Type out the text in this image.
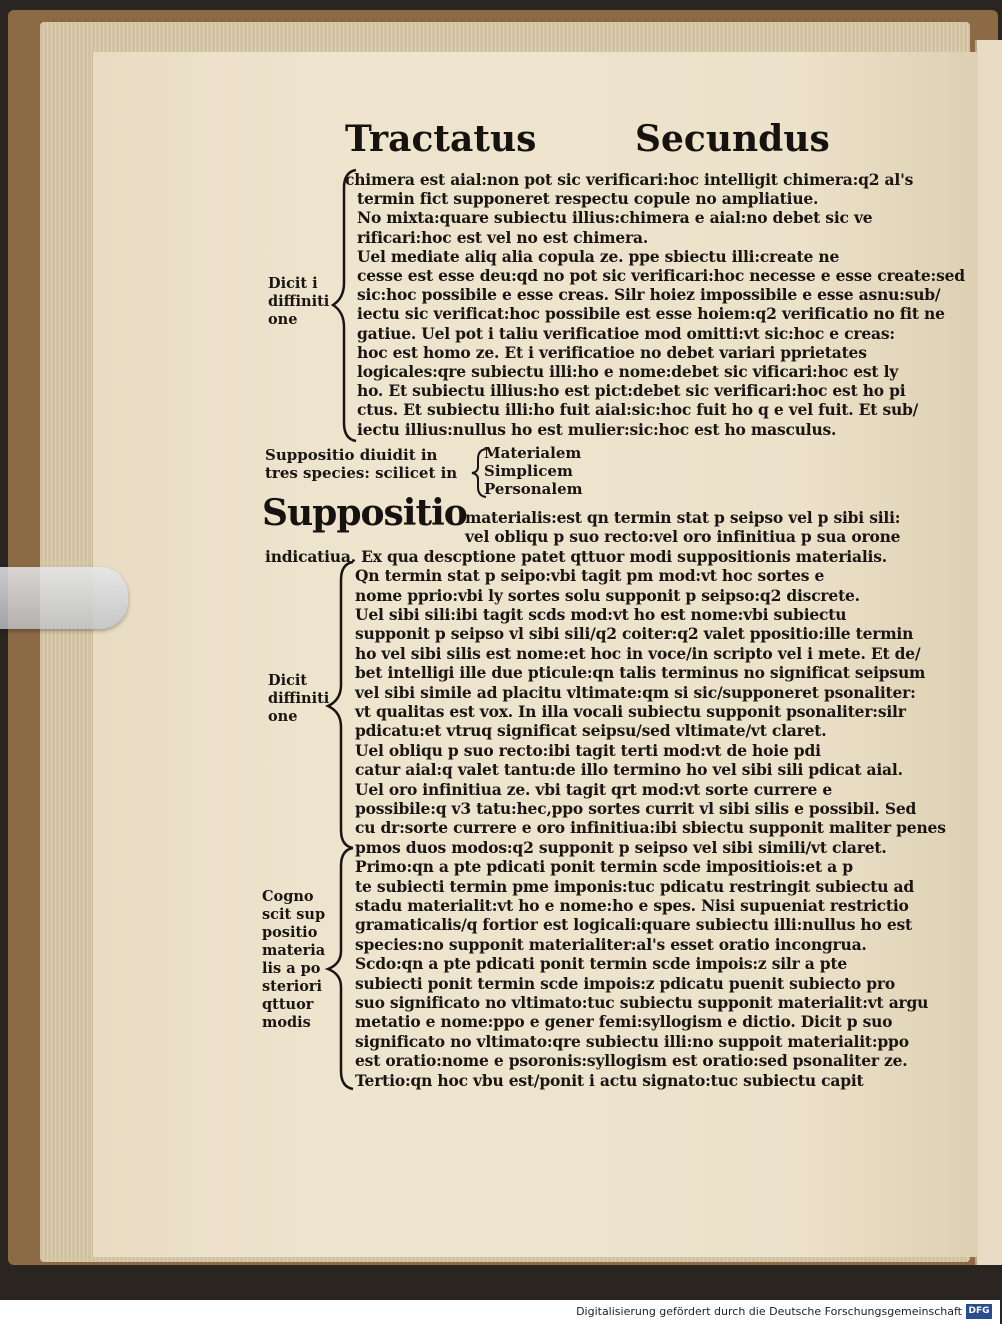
Tractatus	Secundus
Dicit i
diffiniti
one
chimera est aial:non pot sic verificari:hoc intelligit chimera:q2 al's
termin fict supponeret respectu copule no ampliatiue.
No mixta:quare subiectu illius:chimera e aial:no debet sic ve
rificari:hoc est vel no est chimera.
Uel mediate aliq alia copula ze. ppe sbiectu illi:create ne
cesse est esse deu:qd no pot sic verificari:hoc necesse e esse create:sed
sic:hoc possibile e esse creas. Silr hoiez impossibile e esse asnu:sub/
iectu sic verificat:hoc possibile est esse hoiem:q2 verificatio no fit ne
gatiue. Uel pot i taliu verificatioe mod omitti:vt sic:hoc e creas:
hoc est homo ze. Et i verificatioe no debet variari pprietates
logicales:qre subiectu illi:ho e nome:debet sic vificari:hoc est ly
ho. Et subiectu illius:ho est pict:debet sic verificari:hoc est ho pi
ctus. Et subiectu illi:ho fuit aial:sic:hoc fuit ho q e vel fuit. Et sub/
iectu illius:nullus ho est mulier:sic:hoc est ho masculus.
Suppositio diuidit in
tres species: scilicet in
Materialem
Simplicem
Personalem
Suppositio
Dicit
diffiniti
one
Cogno
scit sup
positio
materia
lis a po
steriori
qttuor
modis
materialis:est qn termin stat p seipso vel p sibi sili:
vel obliqu p suo recto:vel oro infinitiua p sua orone
indicatiua. Ex qua descptione patet qttuor modi suppositionis materialis.
Qn termin stat p seipo:vbi tagit pm mod:vt hoc sortes e
nome pprio:vbi ly sortes solu supponit p seipso:q2 discrete.
Uel sibi sili:ibi tagit scds mod:vt ho est nome:vbi subiectu
supponit p seipso vl sibi sili/q2 coiter:q2 valet ppositio:ille termin
ho vel sibi silis est nome:et hoc in voce/in scripto vel i mete. Et de/
bet intelligi ille due pticule:qn talis terminus no significat seipsum
vel sibi simile ad placitu vltimate:qm si sic/supponeret psonaliter:
vt qualitas est vox. In illa vocali subiectu supponit psonaliter:silr
pdicatu:et vtruq significat seipsu/sed vltimate/vt claret.
Uel obliqu p suo recto:ibi tagit terti mod:vt de hoie pdi
catur aial:q valet tantu:de illo termino ho vel sibi sili pdicat aial.
Uel oro infinitiua ze. vbi tagit qrt mod:vt sorte currere e
possibile:q v3 tatu:hec,ppo sortes currit vl sibi silis e possibil. Sed
cu dr:sorte currere e oro infinitiua:ibi sbiectu supponit maliter penes
pmos duos modos:q2 supponit p seipso vel sibi simili/vt claret.
Primo:qn a pte pdicati ponit termin scde impositiois:et a p
te subiecti termin pme imponis:tuc pdicatu restringit subiectu ad
stadu materialit:vt ho e nome:ho e spes. Nisi supueniat restrictio
gramaticalis/q fortior est logicali:quare subiectu illi:nullus ho est
species:no supponit materialiter:al's esset oratio incongrua.
Scdo:qn a pte pdicati ponit termin scde impois:z silr a pte
subiecti ponit termin scde impois:z pdicatu puenit subiecto pro
suo significato no vltimato:tuc subiectu supponit materialit:vt argu
metatio e nome:ppo e gener femi:syllogism e dictio. Dicit p suo
significato no vltimato:qre subiectu illi:no suppoit materialit:ppo
est oratio:nome e psoronis:syllogism est oratio:sed psonaliter ze.
Tertio:qn hoc vbu est/ponit i actu signato:tuc subiectu capit
Digitalisierung gefördert durch die Deutsche Forschungsgemeinschaft DFG
